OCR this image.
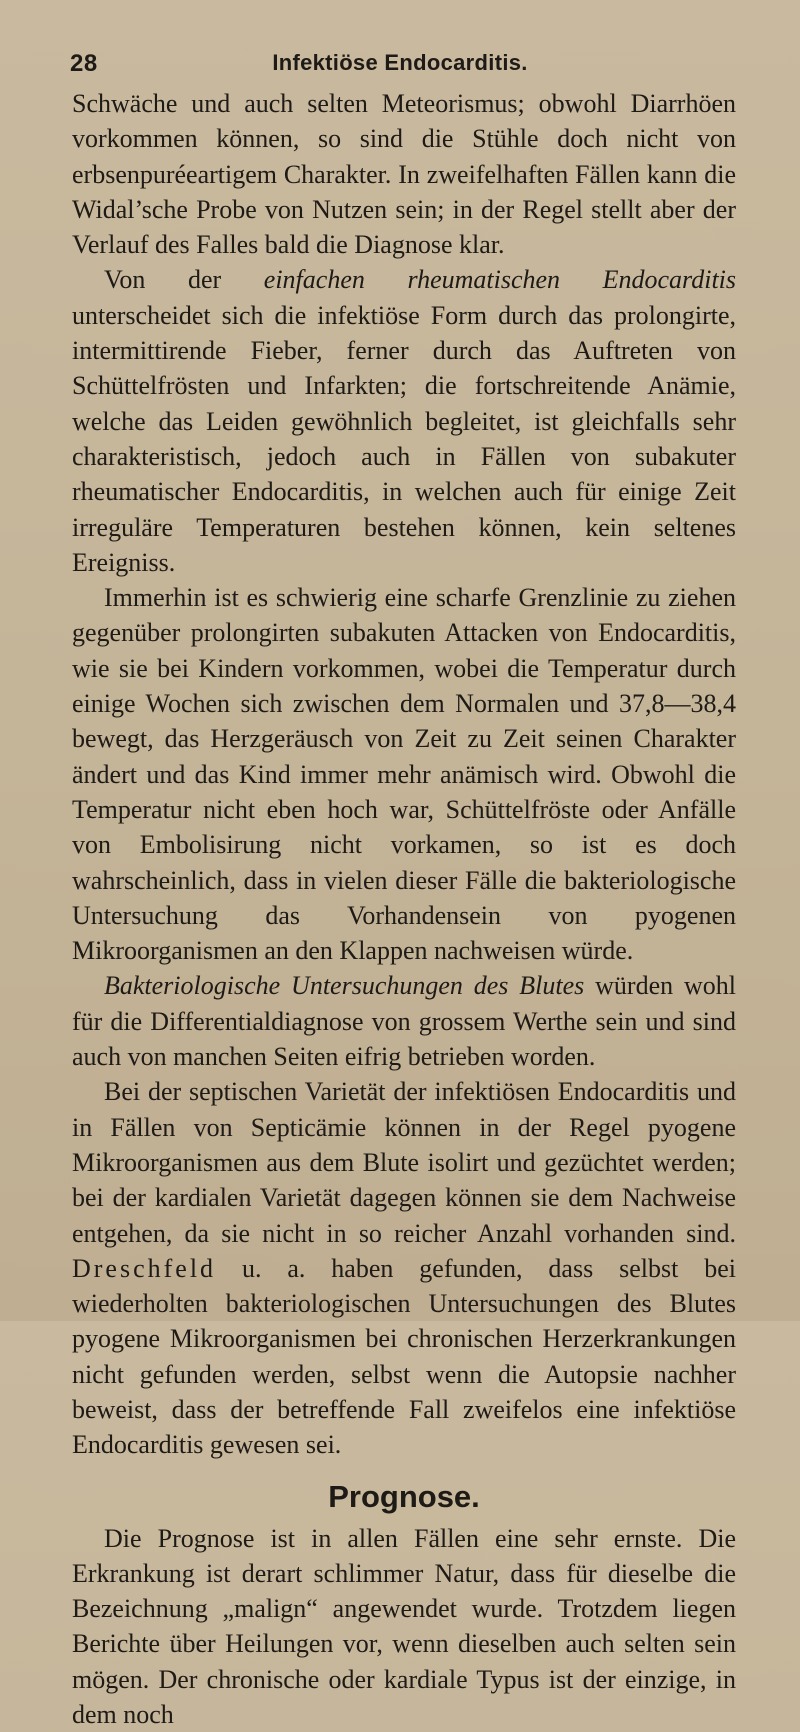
28	Infektiöse Endocarditis.

Schwäche und auch selten Meteorismus; obwohl Diarrhöen vorkommen können, so sind die Stühle doch nicht von erbsenpuréeartigem Charakter. In zweifelhaften Fällen kann die Widal’sche Probe von Nutzen sein; in der Regel stellt aber der Verlauf des Falles bald die Diagnose klar.

Von der einfachen rheumatischen Endocarditis unterscheidet sich die infektiöse Form durch das prolongirte, intermittirende Fieber, ferner durch das Auftreten von Schüttelfrösten und Infarkten; die fortschreitende Anämie, welche das Leiden gewöhnlich begleitet, ist gleichfalls sehr charakteristisch, jedoch auch in Fällen von subakuter rheumatischer Endocarditis, in welchen auch für einige Zeit irreguläre Temperaturen bestehen können, kein seltenes Ereigniss.

Immerhin ist es schwierig eine scharfe Grenzlinie zu ziehen gegenüber prolongirten subakuten Attacken von Endocarditis, wie sie bei Kindern vorkommen, wobei die Temperatur durch einige Wochen sich zwischen dem Normalen und 37,8—38,4 bewegt, das Herzgeräusch von Zeit zu Zeit seinen Charakter ändert und das Kind immer mehr anämisch wird. Obwohl die Temperatur nicht eben hoch war, Schüttelfröste oder Anfälle von Embolisirung nicht vorkamen, so ist es doch wahrscheinlich, dass in vielen dieser Fälle die bakteriologische Untersuchung das Vorhandensein von pyogenen Mikroorganismen an den Klappen nachweisen würde.

Bakteriologische Untersuchungen des Blutes würden wohl für die Differentialdiagnose von grossem Werthe sein und sind auch von manchen Seiten eifrig betrieben worden.

Bei der septischen Varietät der infektiösen Endocarditis und in Fällen von Septicämie können in der Regel pyogene Mikroorganismen aus dem Blute isolirt und gezüchtet werden; bei der kardialen Varietät dagegen können sie dem Nachweise entgehen, da sie nicht in so reicher Anzahl vorhanden sind. Dreschfeld u. a. haben gefunden, dass selbst bei wiederholten bakteriologischen Untersuchungen des Blutes pyogene Mikroorganismen bei chronischen Herzerkrankungen nicht gefunden werden, selbst wenn die Autopsie nachher beweist, dass der betreffende Fall zweifelos eine infektiöse Endocarditis gewesen sei.

Prognose.

Die Prognose ist in allen Fällen eine sehr ernste. Die Erkrankung ist derart schlimmer Natur, dass für dieselbe die Bezeichnung „malign“ angewendet wurde. Trotzdem liegen Berichte über Heilungen vor, wenn dieselben auch selten sein mögen. Der chronische oder kardiale Typus ist der einzige, in dem noch
